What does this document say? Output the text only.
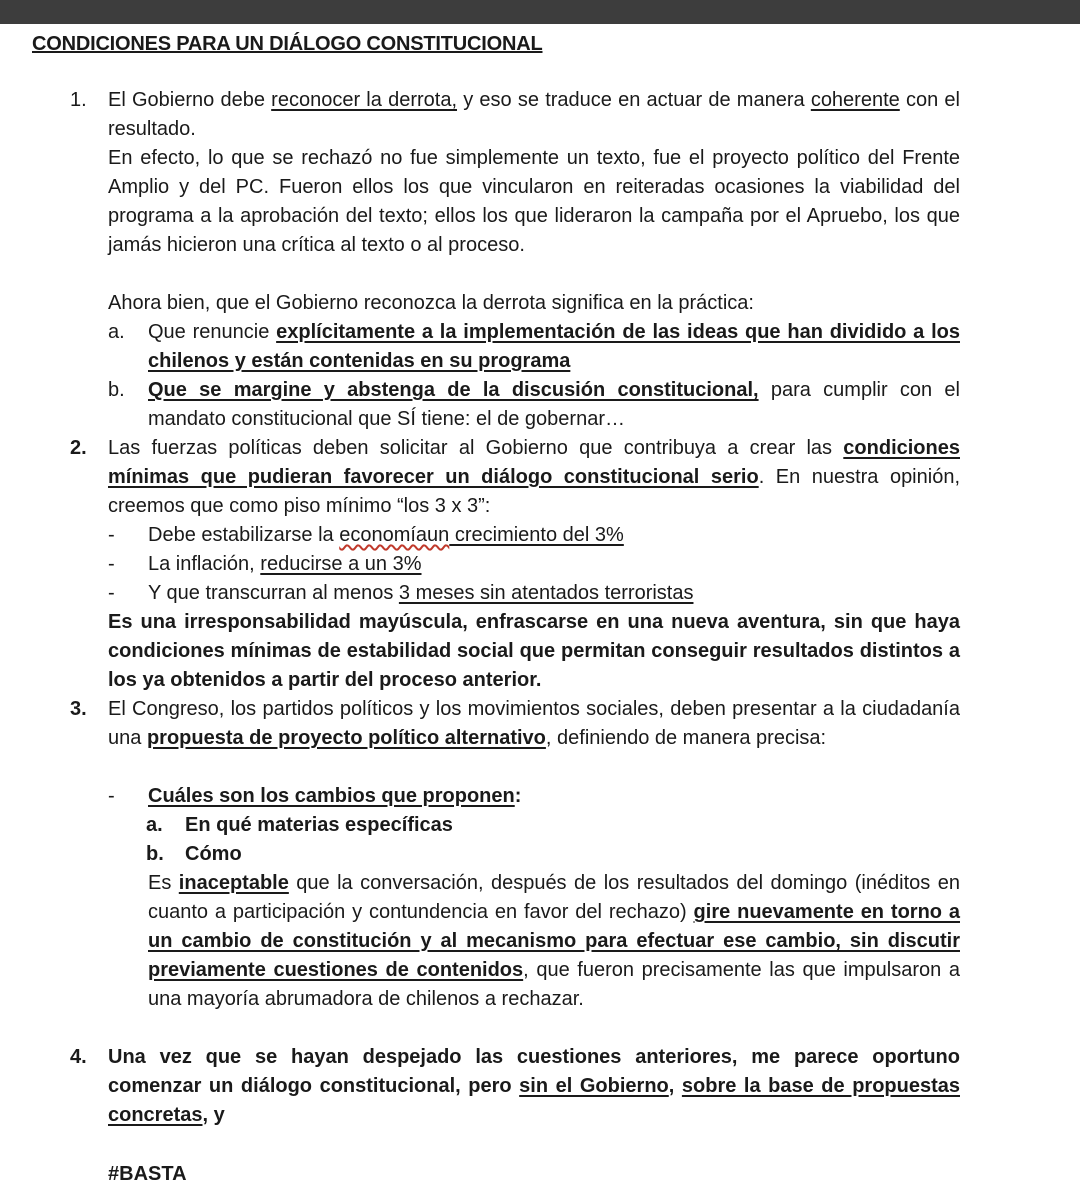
CONDICIONES PARA UN DIÁLOGO CONSTITUCIONAL
1. El Gobierno debe reconocer la derrota, y eso se traduce en actuar de manera coherente con el resultado.
En efecto, lo que se rechazó no fue simplemente un texto, fue el proyecto político del Frente Amplio y del PC. Fueron ellos los que vincularon en reiteradas ocasiones la viabilidad del programa a la aprobación del texto; ellos los que lideraron la campaña por el Apruebo, los que jamás hicieron una crítica al texto o al proceso.
Ahora bien, que el Gobierno reconozca la derrota significa en la práctica:
a. Que renuncie explícitamente a la implementación de las ideas que han dividido a los chilenos y están contenidas en su programa
b. Que se margine y abstenga de la discusión constitucional, para cumplir con el mandato constitucional que SÍ tiene: el de gobernar…
2. Las fuerzas políticas deben solicitar al Gobierno que contribuya a crear las condiciones mínimas que pudieran favorecer un diálogo constitucional serio. En nuestra opinión, creemos que como piso mínimo “los 3 x 3”:
- Debe estabilizarse la economíaun crecimiento del 3%
- La inflación, reducirse a un 3%
- Y que transcurran al menos 3 meses sin atentados terroristas
Es una irresponsabilidad mayúscula, enfrascarse en una nueva aventura, sin que haya condiciones mínimas de estabilidad social que permitan conseguir resultados distintos a los ya obtenidos a partir del proceso anterior.
3. El Congreso, los partidos políticos y los movimientos sociales, deben presentar a la ciudadanía una propuesta de proyecto político alternativo, definiendo de manera precisa:
- Cuáles son los cambios que proponen:
a. En qué materias específicas
b. Cómo
Es inaceptable que la conversación, después de los resultados del domingo (inéditos en cuanto a participación y contundencia en favor del rechazo) gire nuevamente en torno a un cambio de constitución y al mecanismo para efectuar ese cambio, sin discutir previamente cuestiones de contenidos, que fueron precisamente las que impulsaron a una mayoría abrumadora de chilenos a rechazar.
4. Una vez que se hayan despejado las cuestiones anteriores, me parece oportuno comenzar un diálogo constitucional, pero sin el Gobierno, sobre la base de propuestas concretas, y
#BASTA
